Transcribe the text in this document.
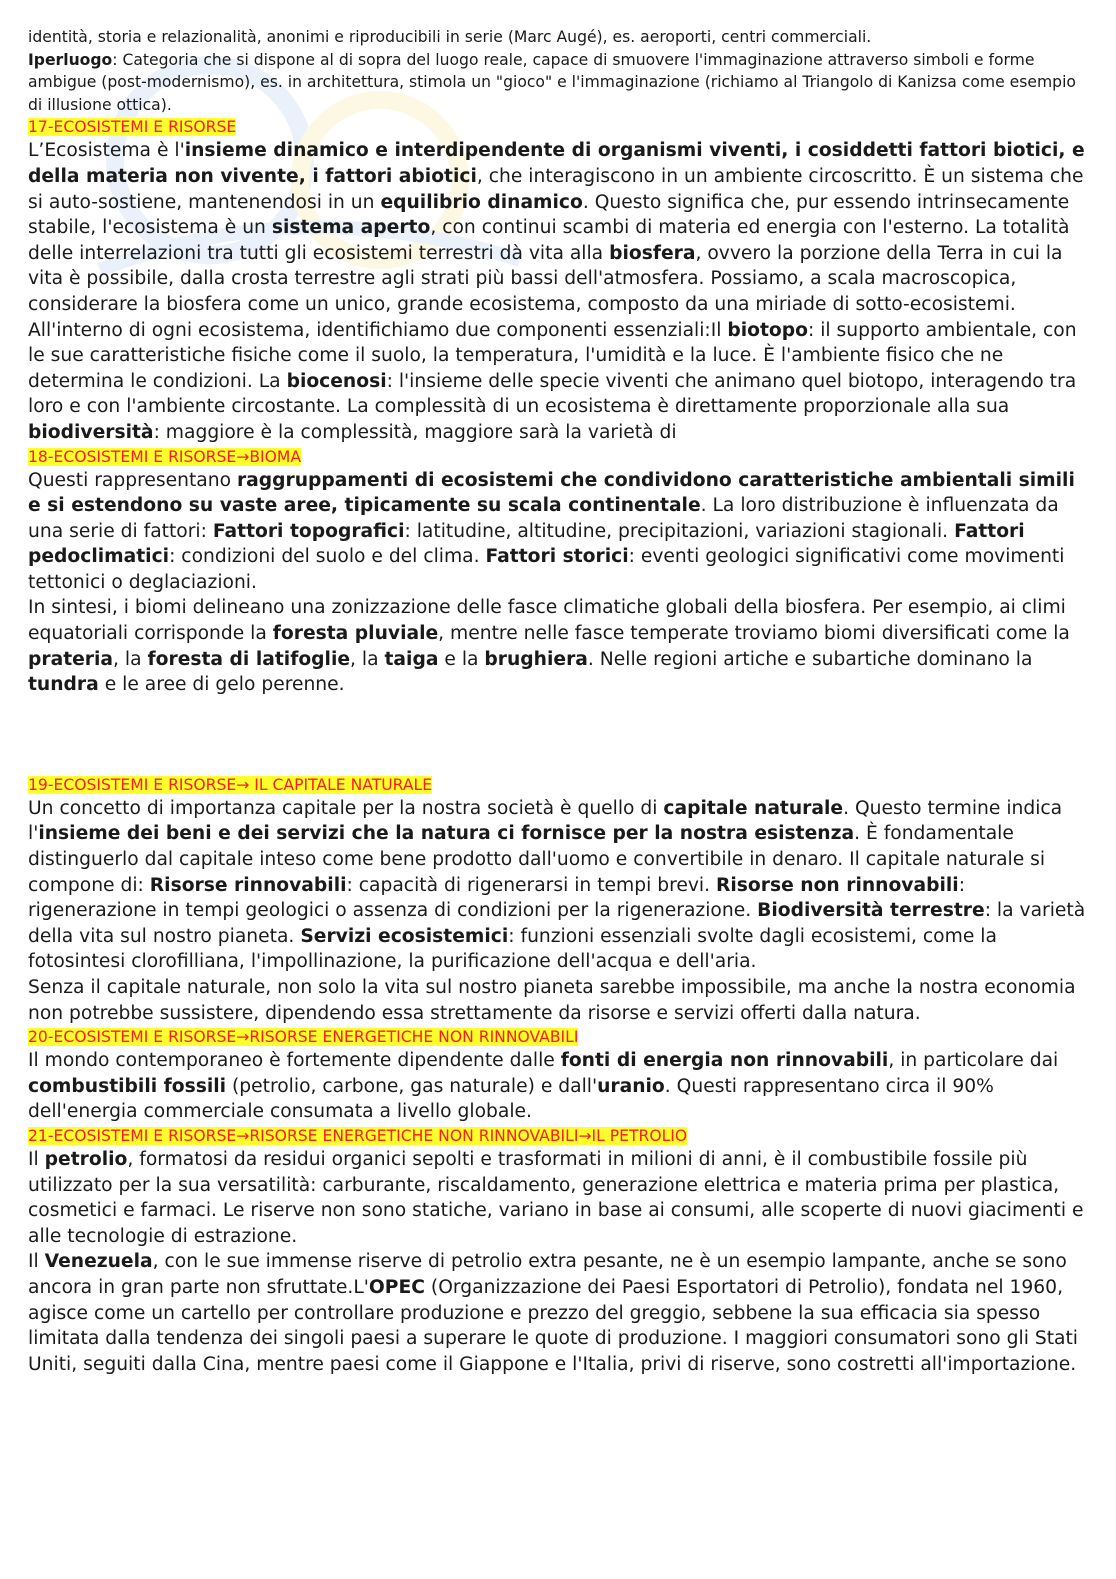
identità, storia e relazionalità, anonimi e riproducibili in serie (Marc Augé), es. aeroporti, centri commerciali.

Iperluogo: Categoria che si dispone al di sopra del luogo reale, capace di smuovere l'immaginazione attraverso simboli e forme ambigue (post-modernismo), es. in architettura, stimola un "gioco" e l'immaginazione (richiamo al Triangolo di Kanizsa come esempio di illusione ottica).

17-ECOSISTEMI E RISORSE

L’Ecosistema è l'insieme dinamico e interdipendente di organismi viventi, i cosiddetti fattori biotici, e della materia non vivente, i fattori abiotici, che interagiscono in un ambiente circoscritto. È un sistema che si auto-sostiene, mantenendosi in un equilibrio dinamico. Questo significa che, pur essendo intrinsecamente stabile, l'ecosistema è un sistema aperto, con continui scambi di materia ed energia con l'esterno. La totalità delle interrelazioni tra tutti gli ecosistemi terrestri dà vita alla biosfera, ovvero la porzione della Terra in cui la vita è possibile, dalla crosta terrestre agli strati più bassi dell'atmosfera. Possiamo, a scala macroscopica, considerare la biosfera come un unico, grande ecosistema, composto da una miriade di sotto-ecosistemi. All'interno di ogni ecosistema, identifichiamo due componenti essenziali:Il biotopo: il supporto ambientale, con le sue caratteristiche fisiche come il suolo, la temperatura, l'umidità e la luce. È l'ambiente fisico che ne determina le condizioni. La biocenosi: l'insieme delle specie viventi che animano quel biotopo, interagendo tra loro e con l'ambiente circostante. La complessità di un ecosistema è direttamente proporzionale alla sua biodiversità: maggiore è la complessità, maggiore sarà la varietà di

18-ECOSISTEMI E RISORSE→BIOMA

Questi rappresentano raggruppamenti di ecosistemi che condividono caratteristiche ambientali simili e si estendono su vaste aree, tipicamente su scala continentale. La loro distribuzione è influenzata da una serie di fattori: Fattori topografici: latitudine, altitudine, precipitazioni, variazioni stagionali. Fattori pedoclimatici: condizioni del suolo e del clima. Fattori storici: eventi geologici significativi come movimenti tettonici o deglaciazioni.

In sintesi, i biomi delineano una zonizzazione delle fasce climatiche globali della biosfera. Per esempio, ai climi equatoriali corrisponde la foresta pluviale, mentre nelle fasce temperate troviamo biomi diversificati come la prateria, la foresta di latifoglie, la taiga e la brughiera. Nelle regioni artiche e subartiche dominano la tundra e le aree di gelo perenne.

19-ECOSISTEMI E RISORSE→ IL CAPITALE NATURALE

Un concetto di importanza capitale per la nostra società è quello di capitale naturale. Questo termine indica l'insieme dei beni e dei servizi che la natura ci fornisce per la nostra esistenza. È fondamentale distinguerlo dal capitale inteso come bene prodotto dall'uomo e convertibile in denaro. Il capitale naturale si compone di: Risorse rinnovabili: capacità di rigenerarsi in tempi brevi. Risorse non rinnovabili: rigenerazione in tempi geologici o assenza di condizioni per la rigenerazione. Biodiversità terrestre: la varietà della vita sul nostro pianeta. Servizi ecosistemici: funzioni essenziali svolte dagli ecosistemi, come la fotosintesi clorofilliana, l'impollinazione, la purificazione dell'acqua e dell'aria.

Senza il capitale naturale, non solo la vita sul nostro pianeta sarebbe impossibile, ma anche la nostra economia non potrebbe sussistere, dipendendo essa strettamente da risorse e servizi offerti dalla natura.

20-ECOSISTEMI E RISORSE→RISORSE ENERGETICHE NON RINNOVABILI

Il mondo contemporaneo è fortemente dipendente dalle fonti di energia non rinnovabili, in particolare dai combustibili fossili (petrolio, carbone, gas naturale) e dall'uranio. Questi rappresentano circa il 90% dell'energia commerciale consumata a livello globale.

21-ECOSISTEMI E RISORSE→RISORSE ENERGETICHE NON RINNOVABILI→IL PETROLIO

Il petrolio, formatosi da residui organici sepolti e trasformati in milioni di anni, è il combustibile fossile più utilizzato per la sua versatilità: carburante, riscaldamento, generazione elettrica e materia prima per plastica, cosmetici e farmaci. Le riserve non sono statiche, variano in base ai consumi, alle scoperte di nuovi giacimenti e alle tecnologie di estrazione.

Il Venezuela, con le sue immense riserve di petrolio extra pesante, ne è un esempio lampante, anche se sono ancora in gran parte non sfruttate.L'OPEC (Organizzazione dei Paesi Esportatori di Petrolio), fondata nel 1960, agisce come un cartello per controllare produzione e prezzo del greggio, sebbene la sua efficacia sia spesso limitata dalla tendenza dei singoli paesi a superare le quote di produzione. I maggiori consumatori sono gli Stati Uniti, seguiti dalla Cina, mentre paesi come il Giappone e l'Italia, privi di riserve, sono costretti all'importazione.
